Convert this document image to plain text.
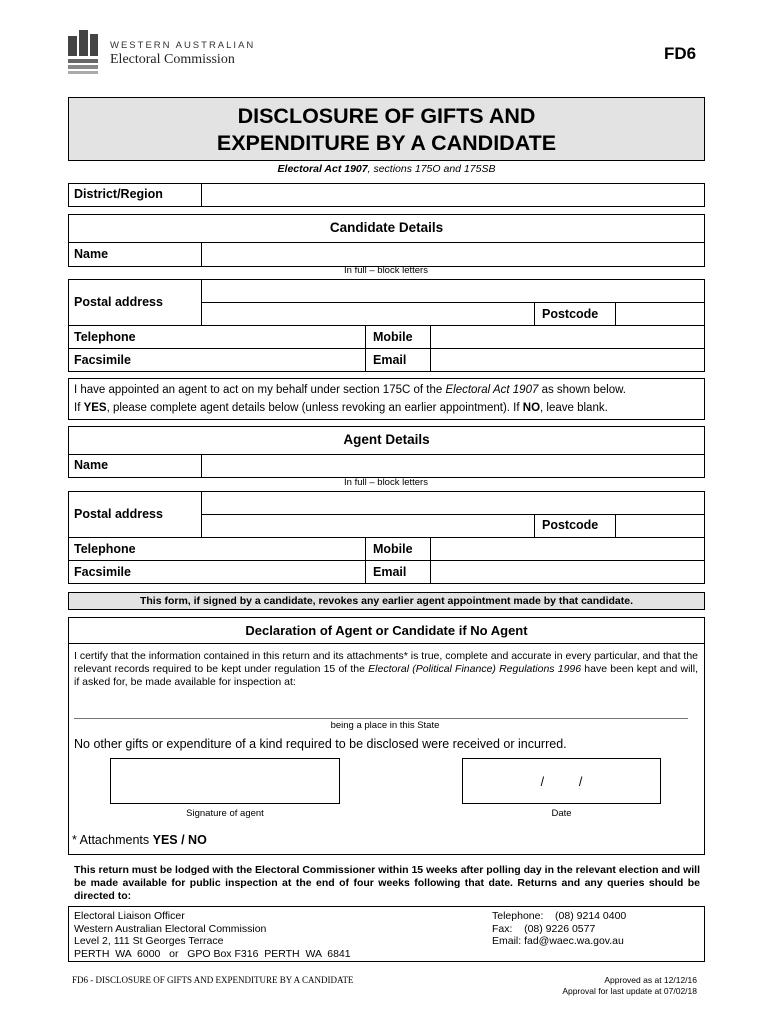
WESTERN AUSTRALIAN
Electoral Commission	FD6
DISCLOSURE OF GIFTS AND
EXPENDITURE BY A CANDIDATE
Electoral Act 1907, sections 175O and 175SB
District/Region
Candidate Details
Name
In full – block letters
Postal address
Postcode
Telephone	Mobile
Facsimile	Email
I have appointed an agent to act on my behalf under section 175C of the Electoral Act 1907 as shown below.
If YES, please complete agent details below (unless revoking an earlier appointment). If NO, leave blank.
Agent Details
Name
In full – block letters
Postal address
Postcode
Telephone	Mobile
Facsimile	Email
This form, if signed by a candidate, revokes any earlier agent appointment made by that candidate.
Declaration of Agent or Candidate if No Agent
I certify that the information contained in this return and its attachments* is true, complete and accurate in every particular, and that the relevant records required to be kept under regulation 15 of the Electoral (Political Finance) Regulations 1996 have been kept and will, if asked for, be made available for inspection at:
being a place in this State
No other gifts or expenditure of a kind required to be disclosed were received or incurred.
/          /
Signature of agent	Date
* Attachments YES / NO
This return must be lodged with the Electoral Commissioner within 15 weeks after polling day in the relevant election and will be made available for public inspection at the end of four weeks following that date. Returns and any queries should be directed to:
Electoral Liaison Officer
Western Australian Electoral Commission
Level 2, 111 St Georges Terrace
PERTH  WA  6000   or   GPO Box F316  PERTH  WA  6841
Telephone:    (08) 9214 0400
Fax:    (08) 9226 0577
Email: fad@waec.wa.gov.au
FD6 - DISCLOSURE OF GIFTS AND EXPENDITURE BY A CANDIDATE	Approved as at 12/12/16
Approval for last update at 07/02/18
